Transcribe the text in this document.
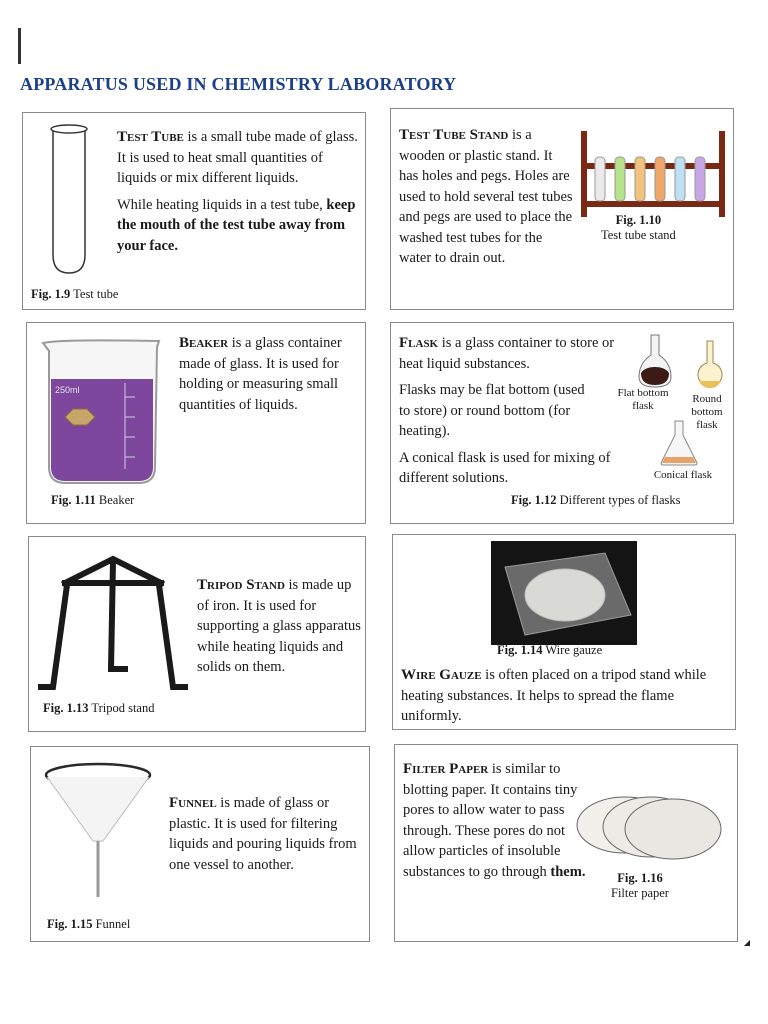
APPARATUS USED IN CHEMISTRY LABORATORY

Test Tube is a small tube made of glass. It is used to heat small quantities of liquids or mix different liquids.

While heating liquids in a test tube, keep the mouth of the test tube away from your face.

Fig. 1.9 Test tube

Test Tube Stand is a wooden or plastic stand. It has holes and pegs. Holes are used to hold several test tubes and pegs are used to place the washed test tubes for the water to drain out.

Fig. 1.10
Test tube stand
250ml

Beaker is a glass container made of glass. It is used for holding or measuring small quantities of liquids.

Fig. 1.11 Beaker

Flask is a glass container to store or heat liquid substances.

Flasks may be flat bottom (used to store) or round bottom (for heating).

A conical flask is used for mixing of different solutions.

Flat bottom flask
Round bottom flask
Conical flask
Fig. 1.12 Different types of flasks

Tripod Stand is made up of iron. It is used for supporting a glass apparatus while heating liquids and solids on them.

Fig. 1.13 Tripod stand
Fig. 1.14 Wire gauze

Wire Gauze is often placed on a tripod stand while heating substances. It helps to spread the flame uniformly.

Funnel is made of glass or plastic. It is used for filtering liquids and pouring liquids from one vessel to another.

Fig. 1.15 Funnel

Filter Paper is similar to blotting paper. It contains tiny pores to allow water to pass through. These pores do not allow particles of insoluble substances to go through them.	Fig. 1.16
Filter paper
